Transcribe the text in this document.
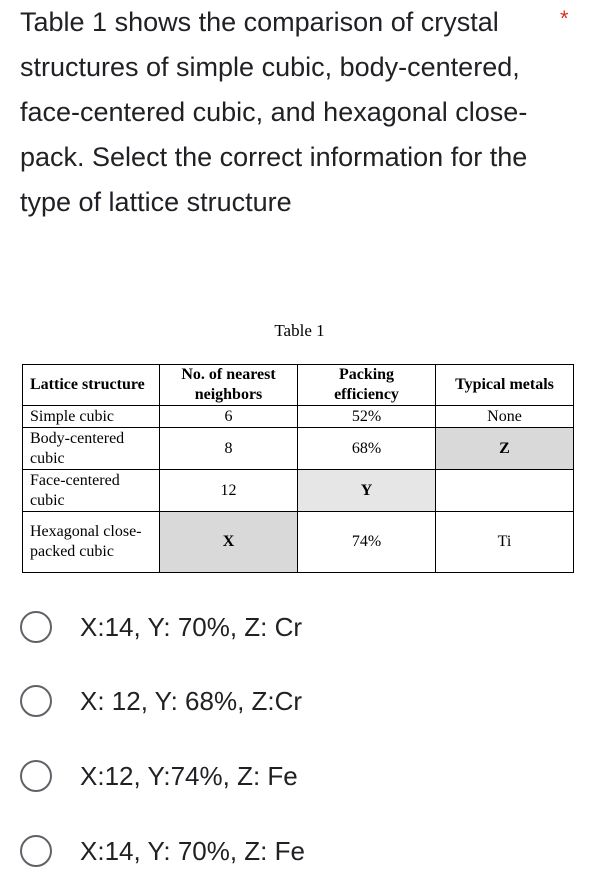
Table 1 shows the comparison of crystal structures of simple cubic, body-centered, face-centered cubic, and hexagonal close-pack. Select the correct information for the type of lattice structure
*
Table 1
Lattice structure	No. of nearest neighbors	Packing efficiency	Typical metals
Simple cubic	6	52%	None
Body-centered cubic	8	68%	Z
Face-centered cubic	12	Y	
Hexagonal close-packed cubic	X	74%	Ti
X:14, Y: 70%, Z: Cr
X: 12, Y: 68%, Z:Cr
X:12, Y:74%, Z: Fe
X:14, Y: 70%, Z: Fe
